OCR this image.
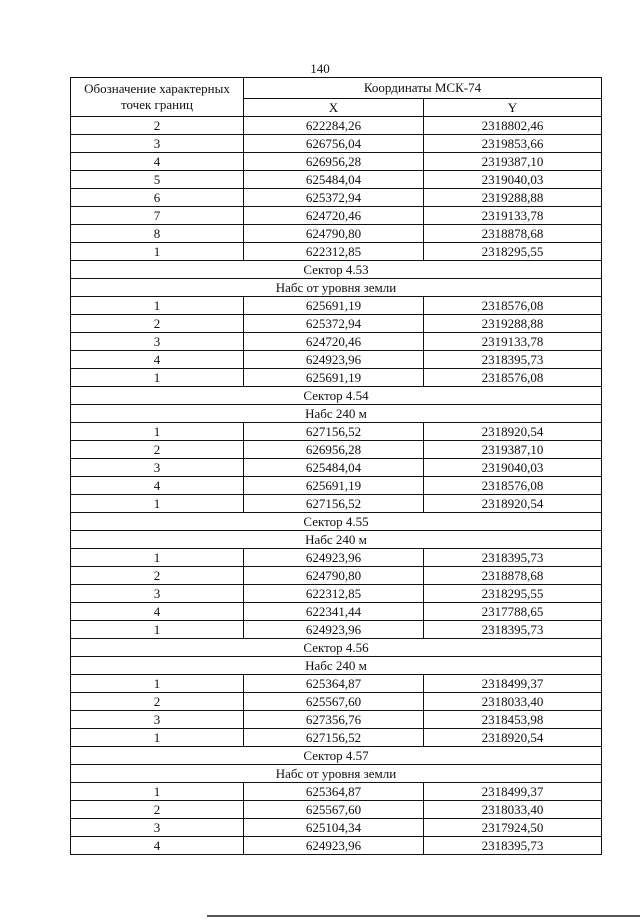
140
Обозначение характерных точек границ	Координаты МСК-74	
	X	Y
2	622284,26	2318802,46
3	626756,04	2319853,66
4	626956,28	2319387,10
5	625484,04	2319040,03
6	625372,94	2319288,88
7	624720,46	2319133,78
8	624790,80	2318878,68
1	622312,85	2318295,55
Сектор 4.53		
Набс от уровня земли		
1	625691,19	2318576,08
2	625372,94	2319288,88
3	624720,46	2319133,78
4	624923,96	2318395,73
1	625691,19	2318576,08
Сектор 4.54		
Набс 240 м		
1	627156,52	2318920,54
2	626956,28	2319387,10
3	625484,04	2319040,03
4	625691,19	2318576,08
1	627156,52	2318920,54
Сектор 4.55		
Набс 240 м		
1	624923,96	2318395,73
2	624790,80	2318878,68
3	622312,85	2318295,55
4	622341,44	2317788,65
1	624923,96	2318395,73
Сектор 4.56		
Набс 240 м		
1	625364,87	2318499,37
2	625567,60	2318033,40
3	627356,76	2318453,98
1	627156,52	2318920,54
Сектор 4.57		
Набс от уровня земли		
1	625364,87	2318499,37
2	625567,60	2318033,40
3	625104,34	2317924,50
4	624923,96	2318395,73
